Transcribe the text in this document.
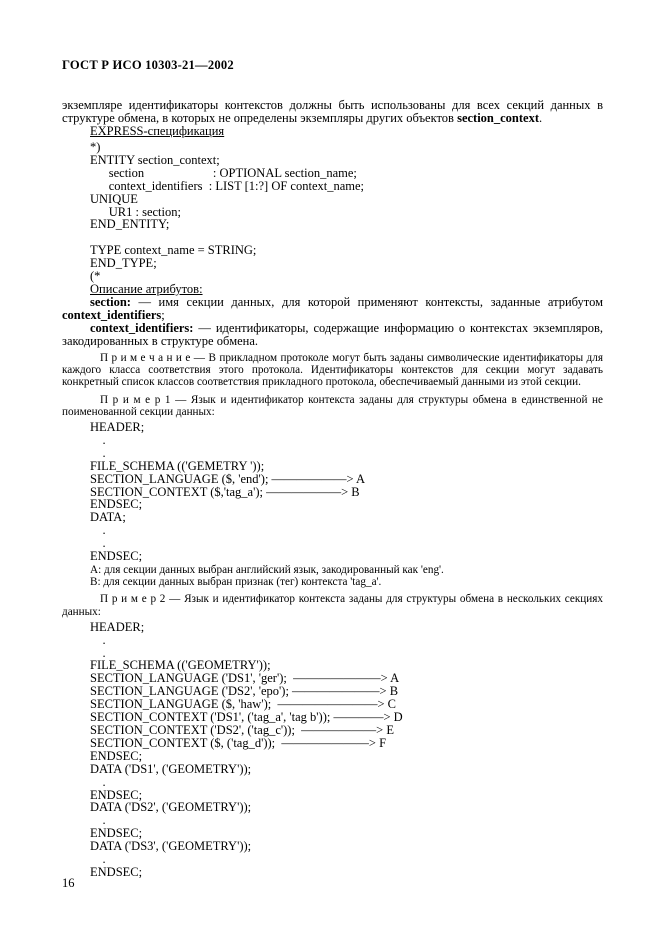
ГОСТ Р ИСО 10303-21—2002

экземпляре идентификаторы контекстов должны быть использованы для всех секций данных в структуре обмена, в которых не определены экземпляры других объектов section_context.

EXPRESS-спецификация

*)
ENTITY section_context;
section                      : OPTIONAL section_name;
context_identifiers  : LIST [1:?] OF context_name;
UNIQUE
UR1 : section;
END_ENTITY;

TYPE context_name = STRING;
END_TYPE;
(*

Описание атрибутов:

section: — имя секции данных, для которой применяют контексты, заданные атрибутом context_identifiers;

context_identifiers: — идентификаторы, содержащие информацию о контекстах экземпляров, закодированных в структуре обмена.

П р и м е ч а н и е — В прикладном протоколе могут быть заданы символические идентификаторы для каждого класса соответствия этого протокола. Идентификаторы контекстов для секции могут задавать конкретный список классов соответствия прикладного протокола, обеспечиваемый данными из этой секции.

П р и м е р 1 — Язык и идентификатор контекста заданы для структуры обмена в единственной не поименованной секции данных:

HEADER;
.
.
FILE_SCHEMA (('GEMETRY '));
SECTION_LANGUAGE ($, 'end'); ——————> A
SECTION_CONTEXT ($,'tag_a'); ——————> B
ENDSEC;
DATA;
.
.
ENDSEC;
A: для секции данных выбран английский язык, закодированный как 'eng'.
B: для секции данных выбран признак (тег) контекста 'tag_a'.

П р и м е р 2 — Язык и идентификатор контекста заданы для структуры обмена в нескольких секциях данных:

HEADER;
.
.
FILE_SCHEMA (('GEOMETRY'));
SECTION_LANGUAGE ('DS1', 'ger');  ———————> A
SECTION_LANGUAGE ('DS2', 'epo'); ———————> B
SECTION_LANGUAGE ($, 'haw');  ————————> C
SECTION_CONTEXT ('DS1', ('tag_a', 'tag b')); ————> D
SECTION_CONTEXT ('DS2', ('tag_c'));  ——————> E
SECTION_CONTEXT ($, ('tag_d'));  ———————> F
ENDSEC;
DATA ('DS1', ('GEOMETRY'));
.
ENDSEC;
DATA ('DS2', ('GEOMETRY'));
.
ENDSEC;
DATA ('DS3', ('GEOMETRY'));
.
ENDSEC;
16
